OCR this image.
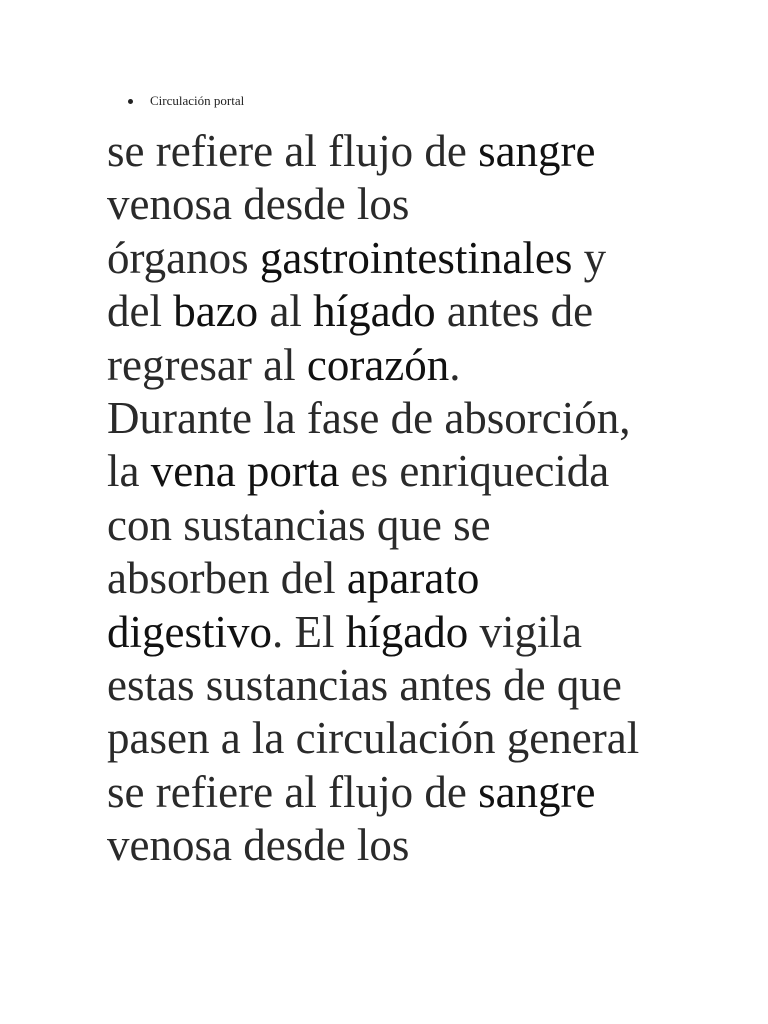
Circulación portal
se refiere al flujo de sangre
venosa desde los
órganos gastrointestinales y
del bazo al hígado antes de
regresar al corazón.
Durante la fase de absorción,
la vena porta es enriquecida
con sustancias que se
absorben del aparato
digestivo. El hígado vigila
estas sustancias antes de que
pasen a la circulación general
se refiere al flujo de sangre
venosa desde los
